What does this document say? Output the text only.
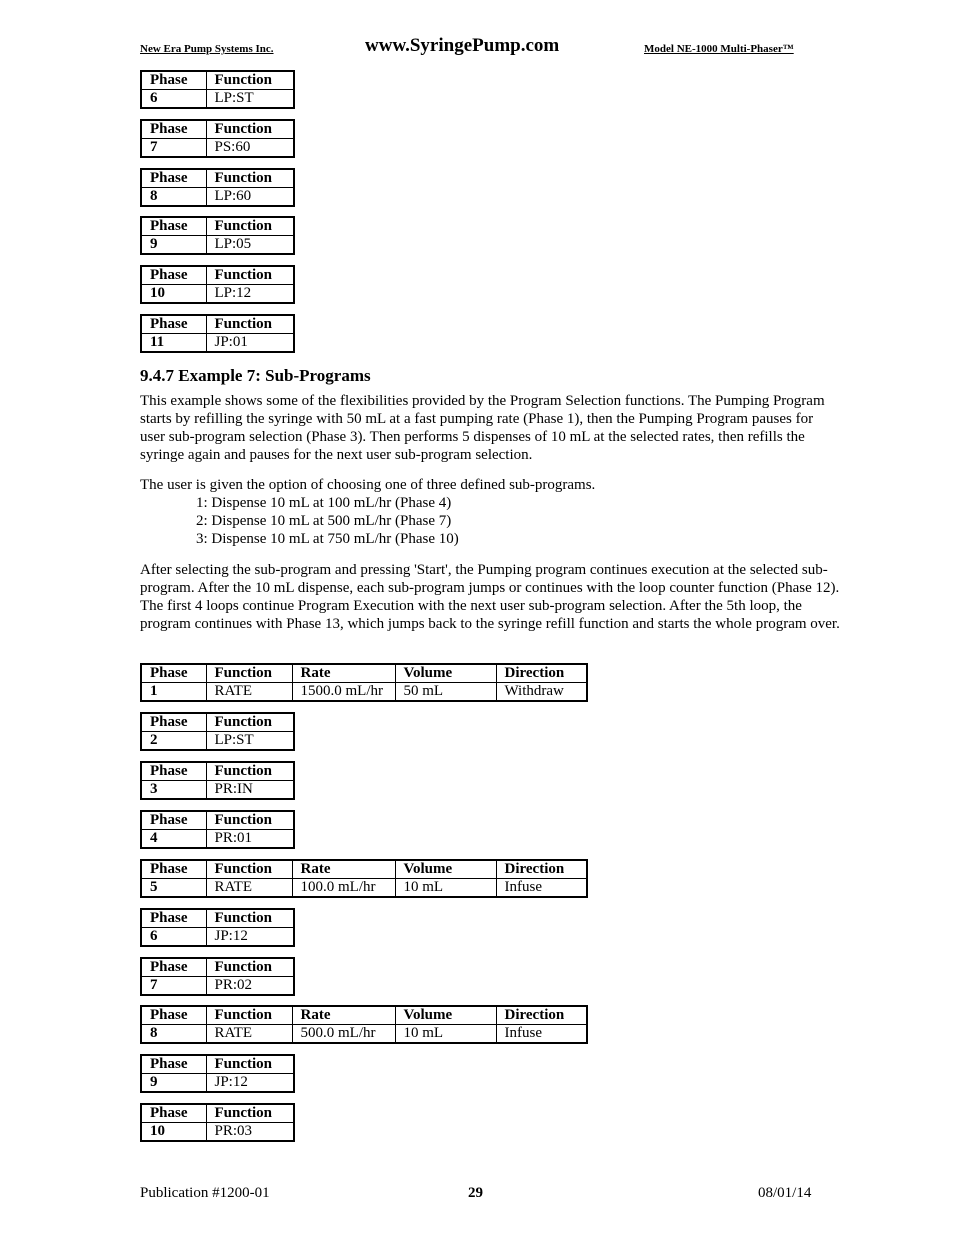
New Era Pump Systems Inc.	www.SyringePump.com	Model NE-1000 Multi-Phaser™
Phase	Function
6	LP:ST
Phase	Function
7	PS:60
Phase	Function
8	LP:60
Phase	Function
9	LP:05
Phase	Function
10	LP:12
Phase	Function
11	JP:01
9.4.7 Example 7: Sub-Programs
This example shows some of the flexibilities provided by the Program Selection functions. The Pumping Program starts by refilling the syringe with 50 mL at a fast pumping rate (Phase 1), then the Pumping Program pauses for user sub-program selection (Phase 3). Then performs 5 dispenses of 10 mL at the selected rates, then refills the syringe again and pauses for the next user sub-program selection.
The user is given the option of choosing one of three defined sub-programs.
1: Dispense 10 mL at 100 mL/hr (Phase 4)
2: Dispense 10 mL at 500 mL/hr (Phase 7)
3: Dispense 10 mL at 750 mL/hr (Phase 10)
After selecting the sub-program and pressing 'Start', the Pumping program continues execution at the selected sub-program. After the 10 mL dispense, each sub-program jumps or continues with the loop counter function (Phase 12). The first 4 loops continue Program Execution with the next user sub-program selection. After the 5th loop, the program continues with Phase 13, which jumps back to the syringe refill function and starts the whole program over.
Phase	Function	Rate	Volume	Direction
1	RATE	1500.0 mL/hr	50 mL	Withdraw
Phase	Function
2	LP:ST
Phase	Function
3	PR:IN
Phase	Function
4	PR:01
Phase	Function	Rate	Volume	Direction
5	RATE	100.0 mL/hr	10 mL	Infuse
Phase	Function
6	JP:12
Phase	Function
7	PR:02
Phase	Function	Rate	Volume	Direction
8	RATE	500.0 mL/hr	10 mL	Infuse
Phase	Function
9	JP:12
Phase	Function
10	PR:03
Publication #1200-01	29	08/01/14
